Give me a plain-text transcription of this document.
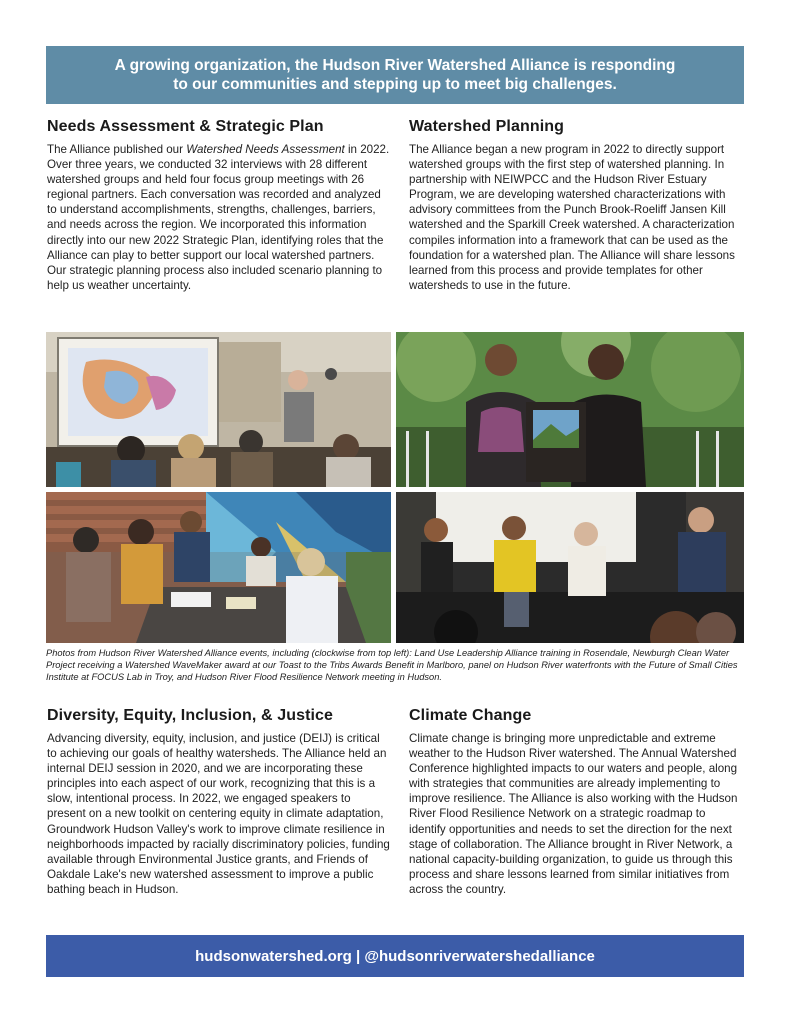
A growing organization, the Hudson River Watershed Alliance is responding
to our communities and stepping up to meet big challenges.
Needs Assessment & Strategic Plan

The Alliance published our Watershed Needs Assessment in 2022. Over three years, we conducted 32 interviews with 28 different watershed groups and held four focus group meetings with 26 regional partners. Each conversation was recorded and analyzed to understand accomplishments, strengths, challenges, barriers, and needs across the region. We incorporated this information directly into our new 2022 Strategic Plan, identifying roles that the Alliance can play to better support our local watershed partners. Our strategic planning process also included scenario planning to help us weather uncertainty.

Watershed Planning

The Alliance began a new program in 2022 to directly support watershed groups with the first step of watershed planning. In partnership with NEIWPCC and the Hudson River Estuary Program, we are developing watershed characterizations with advisory committees from the Punch Brook-Roeliff Jansen Kill watershed and the Sparkill Creek watershed. A characterization compiles information into a framework that can be used as the foundation for a watershed plan. The Alliance will share lessons learned from this process and provide templates for other watersheds to use in the future.

Photos from Hudson River Watershed Alliance events, including (clockwise from top left): Land Use Leadership Alliance training in Rosendale, Newburgh Clean Water Project receiving a Watershed WaveMaker award at our Toast to the Tribs Awards Benefit in Marlboro, panel on Hudson River waterfronts with the Future of Small Cities Institute at FOCUS Lab in Troy, and Hudson River Flood Resilience Network meeting in Hudson.
Diversity, Equity, Inclusion, & Justice

Advancing diversity, equity, inclusion, and justice (DEIJ) is critical to achieving our goals of healthy watersheds. The Alliance held an internal DEIJ session in 2020, and we are incorporating these principles into each aspect of our work, recognizing that this is a slow, intentional process. In 2022, we engaged speakers to present on a new toolkit on centering equity in climate adaptation, Groundwork Hudson Valley's work to improve climate resilience in neighborhoods impacted by racially discriminatory policies, funding available through Environmental Justice grants, and Friends of Oakdale Lake's new watershed assessment to improve a public bathing beach in Hudson.

Climate Change

Climate change is bringing more unpredictable and extreme weather to the Hudson River watershed. The Annual Watershed Conference highlighted impacts to our waters and people, along with strategies that communities are already implementing to improve resilience. The Alliance is also working with the Hudson River Flood Resilience Network on a strategic roadmap to identify opportunities and needs to set the direction for the next stage of collaboration. The Alliance brought in River Network, a national capacity-building organization, to guide us through this process and share lessons learned from similar initiatives from across the country.

hudsonwatershed.org | @hudsonriverwatershedalliance
